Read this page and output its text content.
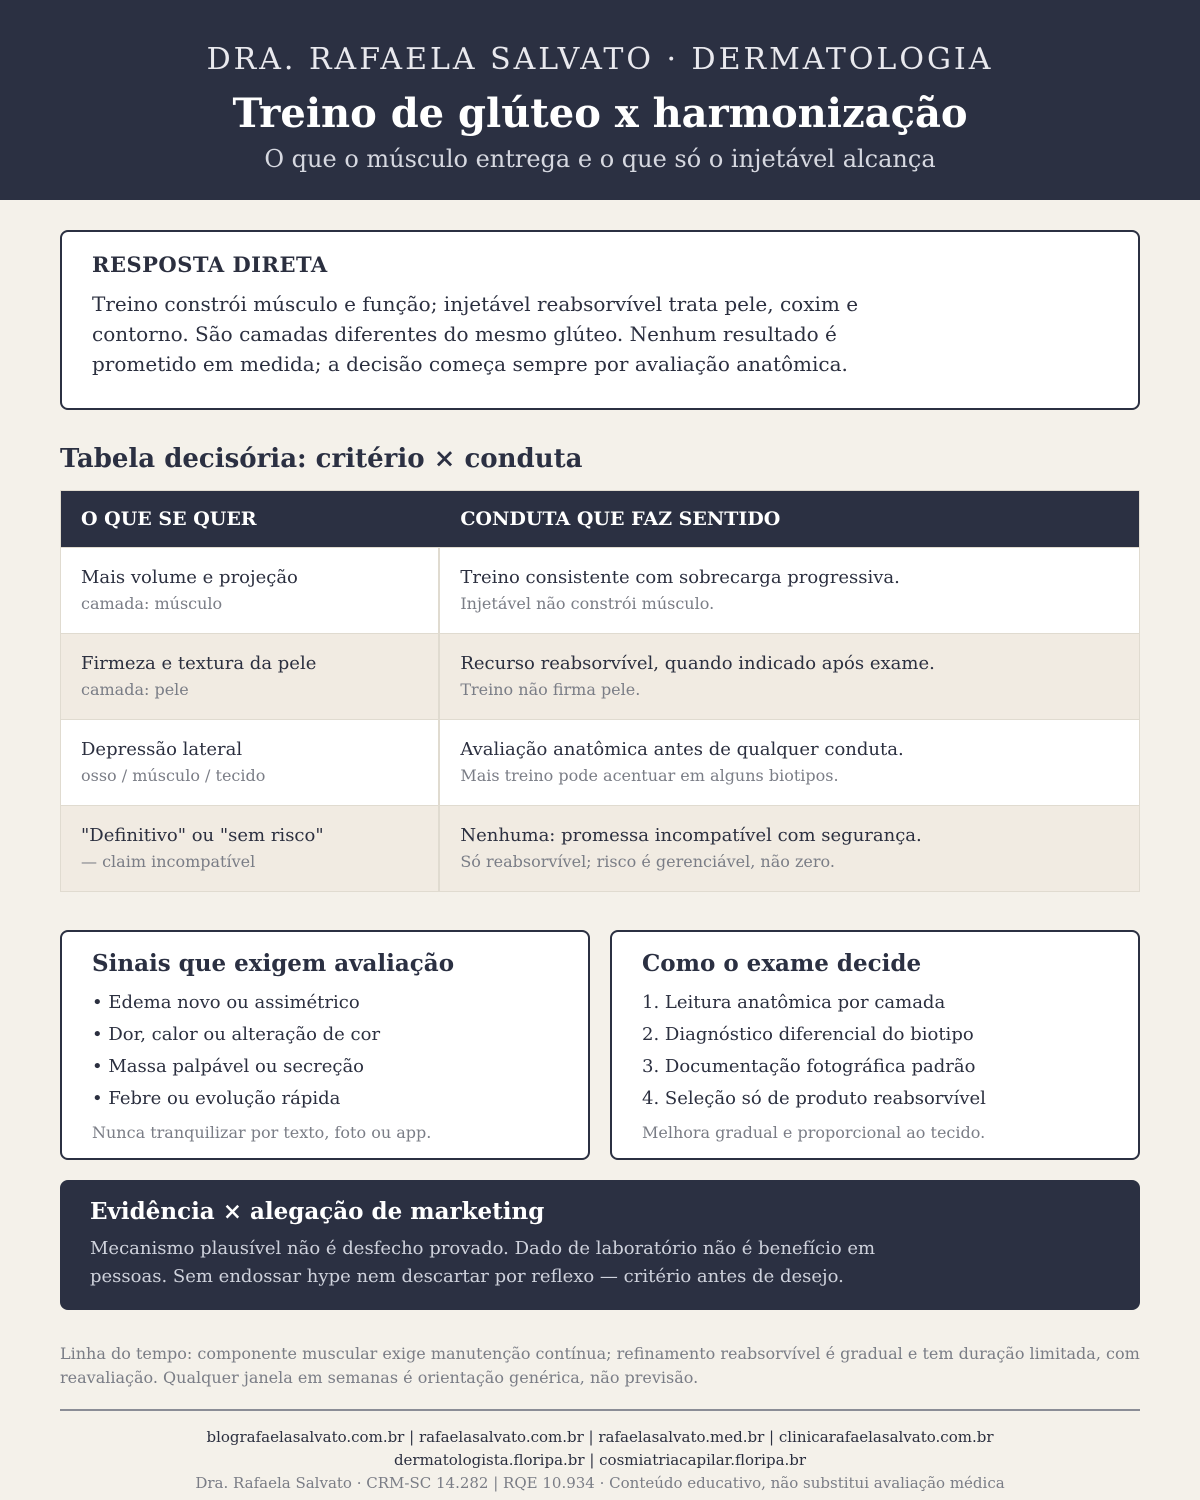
DRA. RAFAELA SALVATO · DERMATOLOGIA
Treino de glúteo x harmonização
O que o músculo entrega e o que só o injetável alcança
RESPOSTA DIRETA
Treino constrói músculo e função; injetável reabsorvível trata pele, coxim e contorno. São camadas diferentes do mesmo glúteo. Nenhum resultado é prometido em medida; a decisão começa sempre por avaliação anatômica.
Tabela decisória: critério × conduta
O QUE SE QUER	CONDUTA QUE FAZ SENTIDO
Mais volume e projeção
camada: músculo
Treino consistente com sobrecarga progressiva.
Injetável não constrói músculo.
Firmeza e textura da pele
camada: pele
Recurso reabsorvível, quando indicado após exame.
Treino não firma pele.
Depressão lateral
osso / músculo / tecido
Avaliação anatômica antes de qualquer conduta.
Mais treino pode acentuar em alguns biotipos.
"Definitivo" ou "sem risco"
— claim incompatível
Nenhuma: promessa incompatível com segurança.
Só reabsorvível; risco é gerenciável, não zero.
Sinais que exigem avaliação
• Edema novo ou assimétrico
• Dor, calor ou alteração de cor
• Massa palpável ou secreção
• Febre ou evolução rápida
Nunca tranquilizar por texto, foto ou app.
Como o exame decide
1. Leitura anatômica por camada
2. Diagnóstico diferencial do biotipo
3. Documentação fotográfica padrão
4. Seleção só de produto reabsorvível
Melhora gradual e proporcional ao tecido.
Evidência × alegação de marketing
Mecanismo plausível não é desfecho provado. Dado de laboratório não é benefício em pessoas. Sem endossar hype nem descartar por reflexo — critério antes de desejo.
Linha do tempo: componente muscular exige manutenção contínua; refinamento reabsorvível é gradual e tem duração limitada, com reavaliação. Qualquer janela em semanas é orientação genérica, não previsão.
blografaelasalvato.com.br | rafaelasalvato.com.br | rafaelasalvato.med.br | clinicarafaelasalvato.com.br
dermatologista.floripa.br | cosmiatriacapilar.floripa.br
Dra. Rafaela Salvato · CRM-SC 14.282 | RQE 10.934 · Conteúdo educativo, não substitui avaliação médica
